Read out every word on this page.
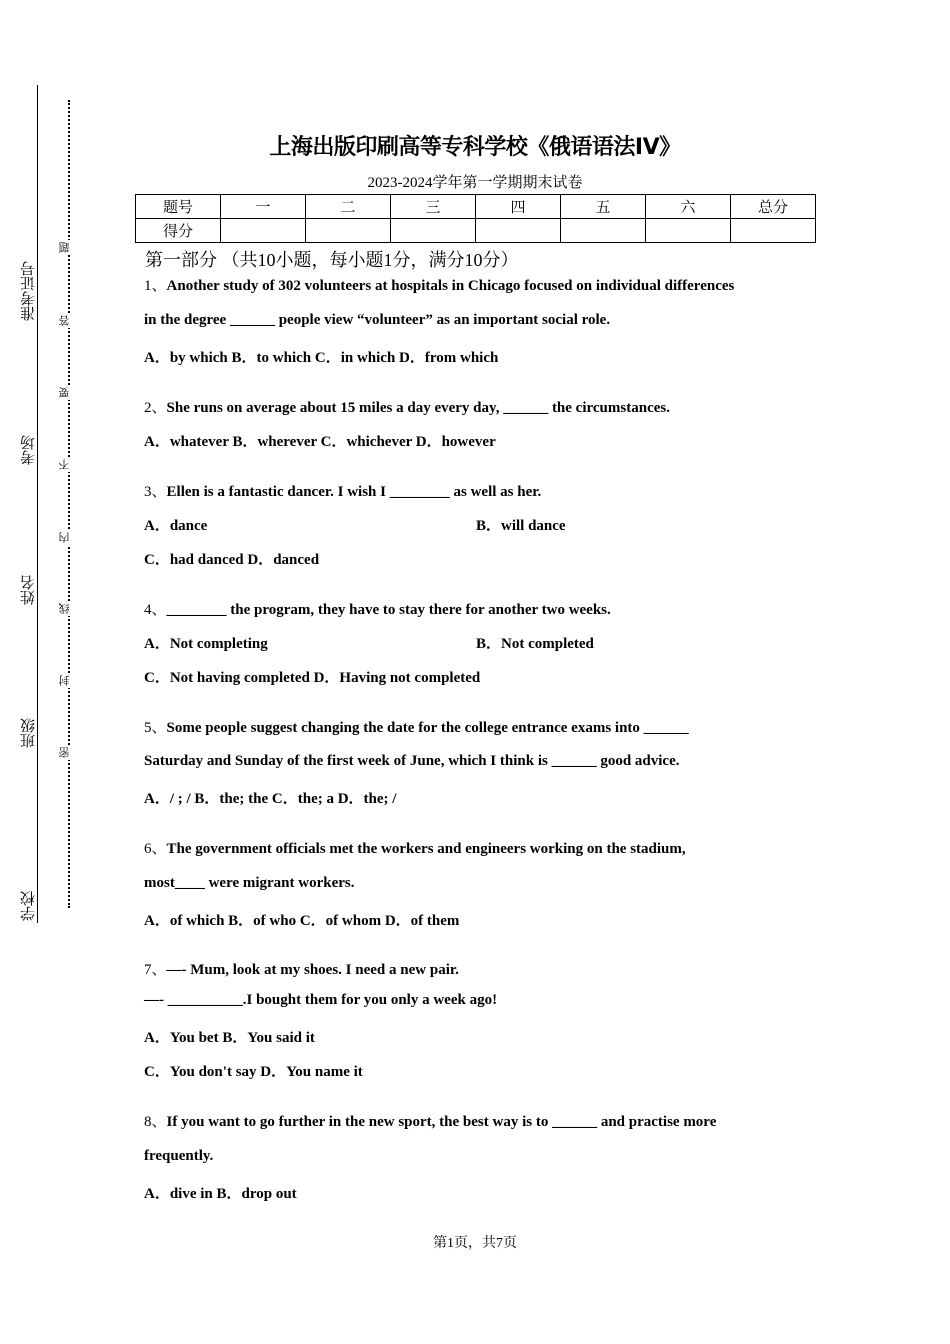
准考证号
考场
姓名
班级
学校
题
答
要
不
内
线
封
密
上海出版印刷高等专科学校《俄语语法IV》
2023-2024学年第一学期期末试卷
题号	一	二	三	四	五	六	总分
得分							
第一部分 （共10小题，每小题1分，满分10分）
1、Another study of 302 volunteers at hospitals in Chicago focused on individual differences
in the degree ______ people view “volunteer” as an important social role.
A．by which B．to which C．in which D．from which
2、She runs on average about 15 miles a day every day, ______ the circumstances.
A．whatever B．wherever C．whichever D．however
3、Ellen is a fantastic dancer. I wish I ________ as well as her.
A．dance	B．will dance
C．had danced D．danced
4、________ the program, they have to stay there for another two weeks.
A．Not completing	B．Not completed
C．Not having completed D．Having not completed
5、Some people suggest changing the date for the college entrance exams into ______
Saturday and Sunday of the first week of June, which I think is ______ good advice.
A．/ ; / B．the; the C．the; a D．the; /
6、The government officials met the workers and engineers working on the stadium,
most____ were migrant workers.
A．of which B．of who C．of whom D．of them
7、—- Mum, look at my shoes. I need a new pair.
—- __________.I bought them for you only a week ago!
A．You bet B．You said it
C．You don't say D．You name it
8、If you want to go further in the new sport, the best way is to ______ and practise more
frequently.
A．dive in B．drop out
第1页，共7页
